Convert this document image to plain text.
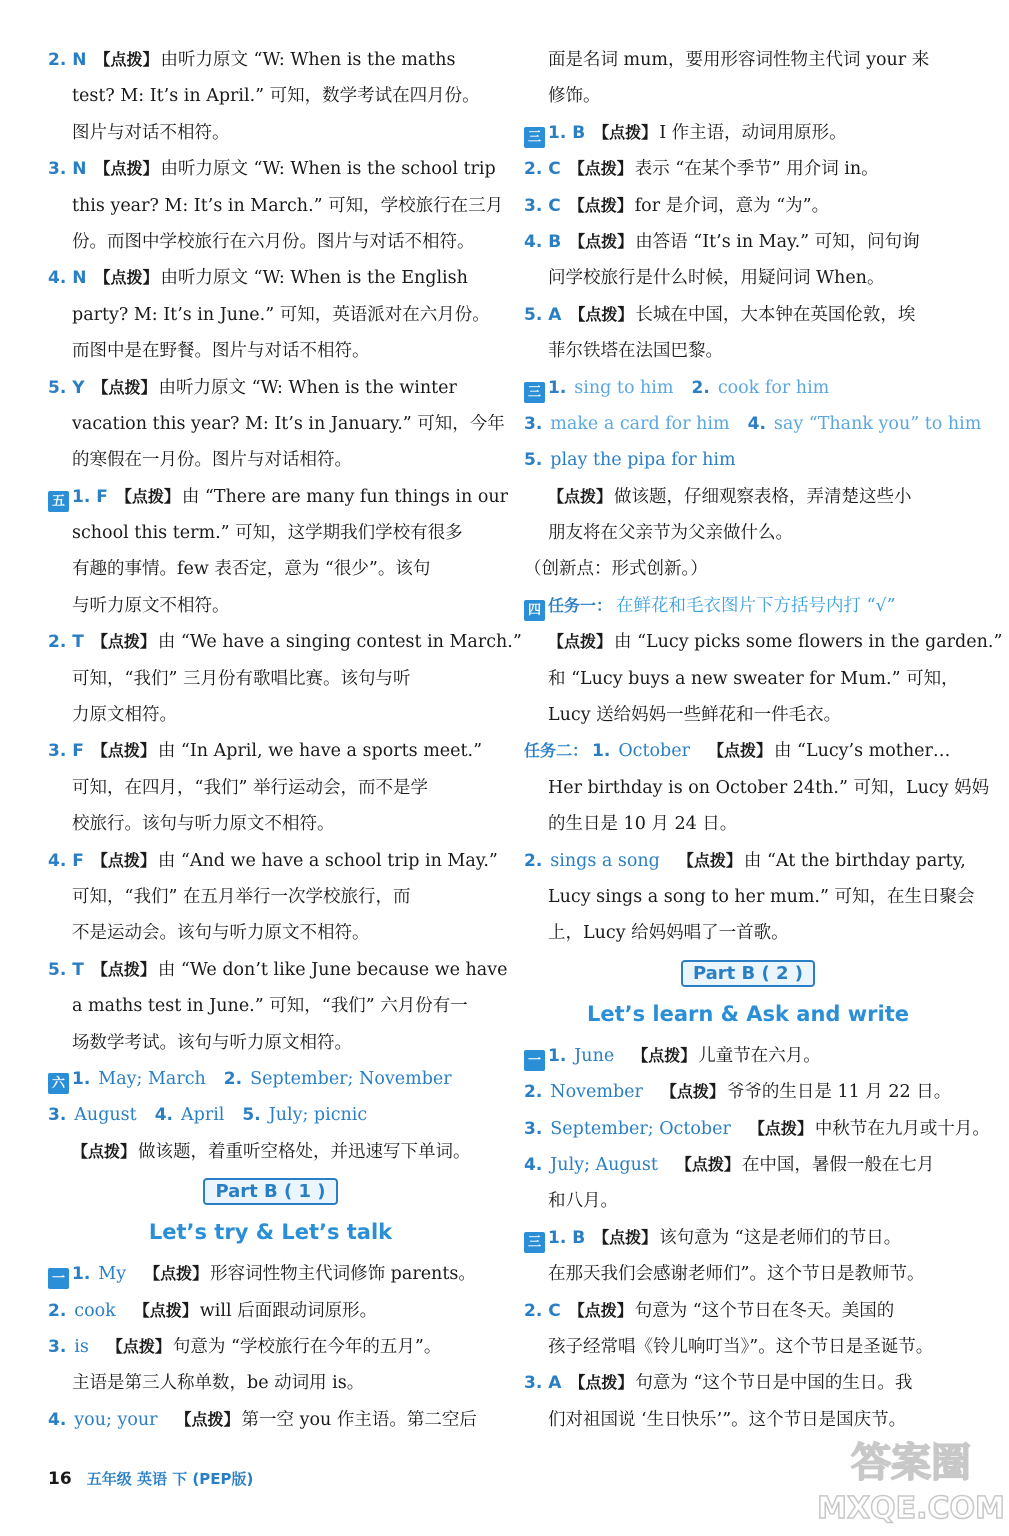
2. N 【点拨】 由听力原文 “W: When is the maths
test? M: It’s in April.” 可知，数学考试在四月份。
图片与对话不相符。
3. N 【点拨】 由听力原文 “W: When is the school trip
this year? M: It’s in March.” 可知，学校旅行在三月
份。而图中学校旅行在六月份。图片与对话不相符。
4. N 【点拨】 由听力原文 “W: When is the English
party? M: It’s in June.” 可知，英语派对在六月份。
而图中是在野餐。图片与对话不相符。
5. Y 【点拨】 由听力原文 “W: When is the winter
vacation this year? M: It’s in January.” 可知，今年
的寒假在一月份。图片与对话相符。
五 1. F 【点拨】 由 “There are many fun things in our
school this term.” 可知，这学期我们学校有很多
有趣的事情。few 表否定，意为 “很少”。该句
与听力原文不相符。
2. T 【点拨】 由 “We have a singing contest in March.”
可知，“我们” 三月份有歌唱比赛。该句与听
力原文相符。
3. F 【点拨】 由 “In April, we have a sports meet.”
可知，在四月，“我们” 举行运动会，而不是学
校旅行。该句与听力原文不相符。
4. F 【点拨】 由 “And we have a school trip in May.”
可知，“我们” 在五月举行一次学校旅行，而
不是运动会。该句与听力原文不相符。
5. T 【点拨】 由 “We don’t like June because we have
a maths test in June.” 可知，“我们” 六月份有一
场数学考试。该句与听力原文相符。
六 1. May; March 2. September; November
3. August 4. April 5. July; picnic
【点拨】 做该题，着重听空格处，并迅速写下单词。
Part B ( 1 )
Let’s try & Let’s talk
一 1. My 【点拨】 形容词性物主代词修饰 parents。
2. cook 【点拨】 will 后面跟动词原形。
3. is 【点拨】 句意为 “学校旅行在今年的五月”。
主语是第三人称单数，be 动词用 is。
4. you; your 【点拨】 第一空 you 作主语。第二空后
面是名词 mum，要用形容词性物主代词 your 来
修饰。
三 1. B 【点拨】 I 作主语，动词用原形。
2. C 【点拨】 表示 “在某个季节” 用介词 in。
3. C 【点拨】 for 是介词，意为 “为”。
4. B 【点拨】 由答语 “It’s in May.” 可知，问句询
问学校旅行是什么时候，用疑问词 When。
5. A 【点拨】 长城在中国，大本钟在英国伦敦，埃
菲尔铁塔在法国巴黎。
三 1. sing to him 2. cook for him
3. make a card for him 4. say “Thank you” to him
5. play the pipa for him
【点拨】 做该题，仔细观察表格，弄清楚这些小
朋友将在父亲节为父亲做什么。
（创新点：形式创新。）
四 任务一： 在鲜花和毛衣图片下方括号内打 “√”
【点拨】 由 “Lucy picks some flowers in the garden.”
和 “Lucy buys a new sweater for Mum.” 可知，
Lucy 送给妈妈一些鲜花和一件毛衣。
任务二： 1. October 【点拨】 由 “Lucy’s mother…
Her birthday is on October 24th.” 可知，Lucy 妈妈
的生日是 10 月 24 日。
2. sings a song 【点拨】 由 “At the birthday party,
Lucy sings a song to her mum.” 可知，在生日聚会
上，Lucy 给妈妈唱了一首歌。
Part B ( 2 )
Let’s learn & Ask and write
一 1. June 【点拨】 儿童节在六月。
2. November 【点拨】 爷爷的生日是 11 月 22 日。
3. September; October 【点拨】 中秋节在九月或十月。
4. July; August 【点拨】 在中国，暑假一般在七月
和八月。
三 1. B 【点拨】 该句意为 “这是老师们的节日。
在那天我们会感谢老师们”。这个节日是教师节。
2. C 【点拨】 句意为 “这个节日在冬天。美国的
孩子经常唱《铃儿响叮当》”。这个节日是圣诞节。
3. A 【点拨】 句意为 “这个节日是中国的生日。我
们对祖国说 ‘生日快乐’”。这个节日是国庆节。
16 五年级 英语 下 (PEP版)	答案圈
MXQE.COM
